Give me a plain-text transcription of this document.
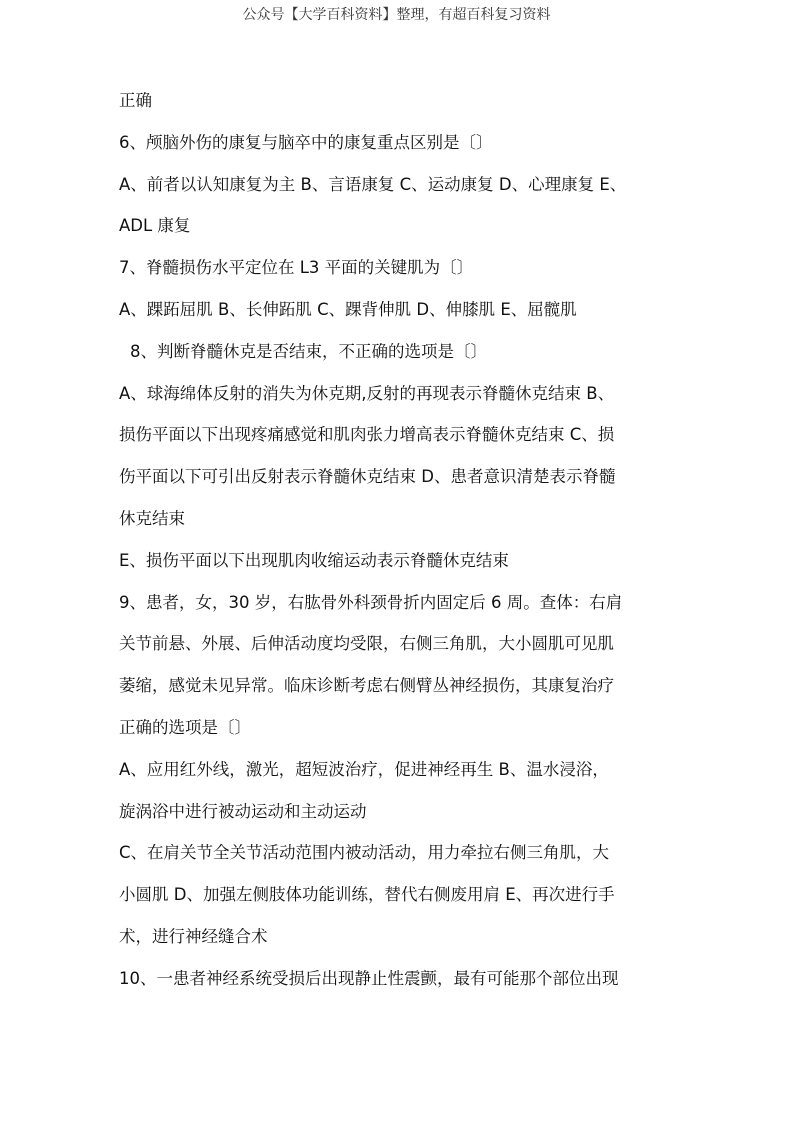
公众号【大学百科资料】整理，有超百科复习资料
正确
6、颅脑外伤的康复与脑卒中的康复重点区别是〔〕
A、前者以认知康复为主 B、言语康复 C、运动康复 D、心理康复 E、
ADL 康复
7、脊髓损伤水平定位在 L3 平面的关键肌为〔〕
A、踝跖屈肌 B、长伸跖肌 C、踝背伸肌 D、伸膝肌 E、屈髋肌
8、判断脊髓休克是否结束，不正确的选项是〔〕
A、球海绵体反射的消失为休克期,反射的再现表示脊髓休克结束 B、
损伤平面以下出现疼痛感觉和肌肉张力增高表示脊髓休克结束 C、损
伤平面以下可引出反射表示脊髓休克结束 D、患者意识清楚表示脊髓
休克结束
E、损伤平面以下出现肌肉收缩运动表示脊髓休克结束
9、患者，女，30 岁，右肱骨外科颈骨折内固定后 6 周。查体：右肩
关节前悬、外展、后伸活动度均受限，右侧三角肌，大小圆肌可见肌
萎缩，感觉未见异常。临床诊断考虑右侧臂丛神经损伤，其康复治疗
正确的选项是〔〕
A、应用红外线，激光，超短波治疗，促进神经再生 B、温水浸浴，
旋涡浴中进行被动运动和主动运动
C、在肩关节全关节活动范围内被动活动，用力牵拉右侧三角肌，大
小圆肌 D、加强左侧肢体功能训练，替代右侧废用肩 E、再次进行手
术，进行神经缝合术
10、一患者神经系统受损后出现静止性震颤，最有可能那个部位出现
